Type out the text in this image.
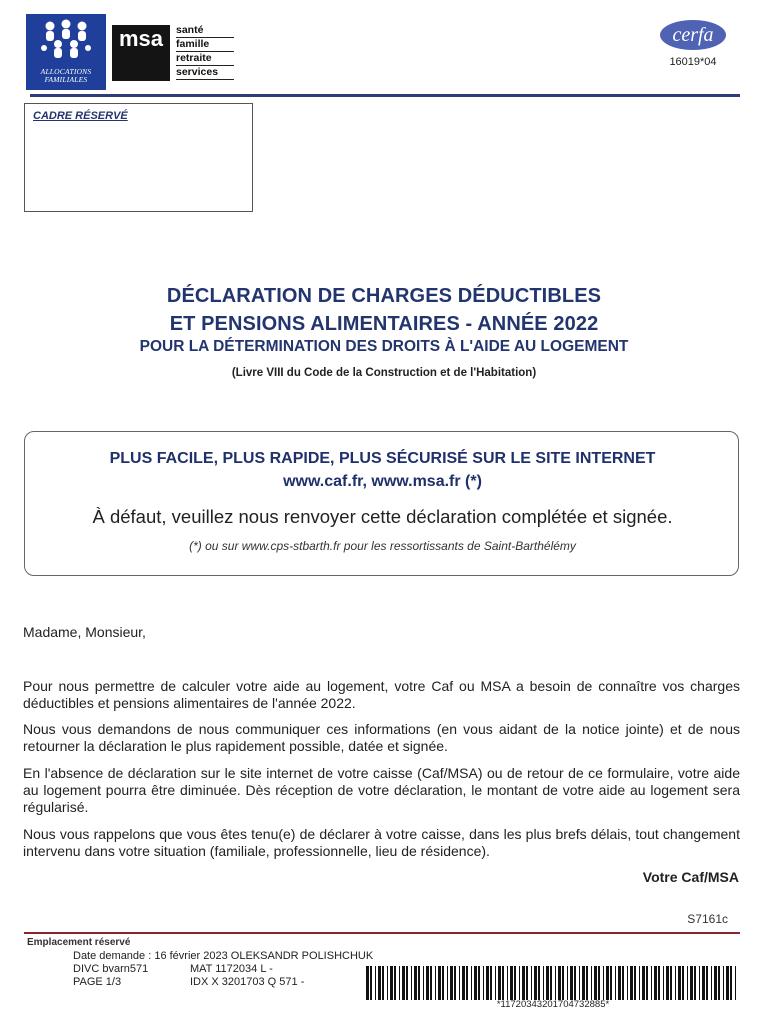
ALLOCATIONS
FAMILIALES
msa santé
famille
retraite
services
cerfa
16019*04
CADRE RÉSERVÉ
DÉCLARATION DE CHARGES DÉDUCTIBLES
ET PENSIONS ALIMENTAIRES - ANNÉE 2022
POUR LA DÉTERMINATION DES DROITS À L'AIDE AU LOGEMENT
(Livre VIII du Code de la Construction et de l'Habitation)
PLUS FACILE, PLUS RAPIDE, PLUS SÉCURISÉ SUR LE SITE INTERNET
www.caf.fr, www.msa.fr (*)
À défaut, veuillez nous renvoyer cette déclaration complétée et signée.
(*) ou sur www.cps-stbarth.fr pour les ressortissants de Saint-Barthélémy
Madame, Monsieur,
Pour nous permettre de calculer votre aide au logement, votre Caf ou MSA a besoin de connaître vos charges déductibles et pensions alimentaires de l'année 2022.
Nous vous demandons de nous communiquer ces informations (en vous aidant de la notice jointe) et de nous retourner la déclaration le plus rapidement possible, datée et signée.
En l'absence de déclaration sur le site internet de votre caisse (Caf/MSA) ou de retour de ce formulaire, votre aide au logement pourra être diminuée. Dès réception de votre déclaration, le montant de votre aide au logement sera régularisé.
Nous vous rappelons que vous êtes tenu(e) de déclarer à votre caisse, dans les plus brefs délais, tout changement intervenu dans votre situation (familiale, professionnelle, lieu de résidence).
Votre Caf/MSA
S7161c
Emplacement réservé
Date demande : 16 février 2023 OLEKSANDR POLISHCHUK
DIVC bvarn571
PAGE 1/3
MAT 1172034 L -
IDX X 3201703 Q 571 -
*11720343201704732885*
